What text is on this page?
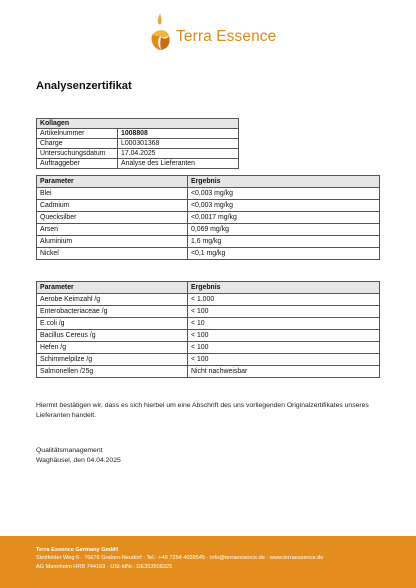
Terra Essence
Analysenzertifikat
Kollagen	
Artikelnummer	1008808
Charge	L000301368
Untersuchungsdatum	17.04.2025
Auftraggeber	Analyse des Lieferanten
Parameter	Ergebnis
Blei	<0,003 mg/kg
Cadmium	<0,003 mg/kg
Quecksilber	<0,0017 mg/kg
Arsen	0,069 mg/kg
Aluminium	1,6 mg/kg
Nickel	<0,1 mg/kg
Parameter	Ergebnis
Aerobe Keimzahl /g	< 1.000
Enterobacteriaceae /g	< 100
E.coli /g	< 10
Bacillus Cereus /g	< 100
Hefen /g	< 100
Schimmelpilze /g	< 100
Salmonellen /25g	Nicht nachweisbar

Hiermit bestätigen wir, dass es sich hierbei um eine Abschrift des uns vorliegenden Originalzertifikates unseres Lieferanten handelt.

Qualitätsmanagement
Waghäusel, den 04.04.2025
Terra Essence Germany GmbH
Stettfelder Weg 6 · 76676 Graben-Neudorf · Tel.: +49 7254 4039545 · info@terraessence.de · www.terraessence.de
AG Mannheim HRB 744169 · USt-IdNr.: DE353508325
